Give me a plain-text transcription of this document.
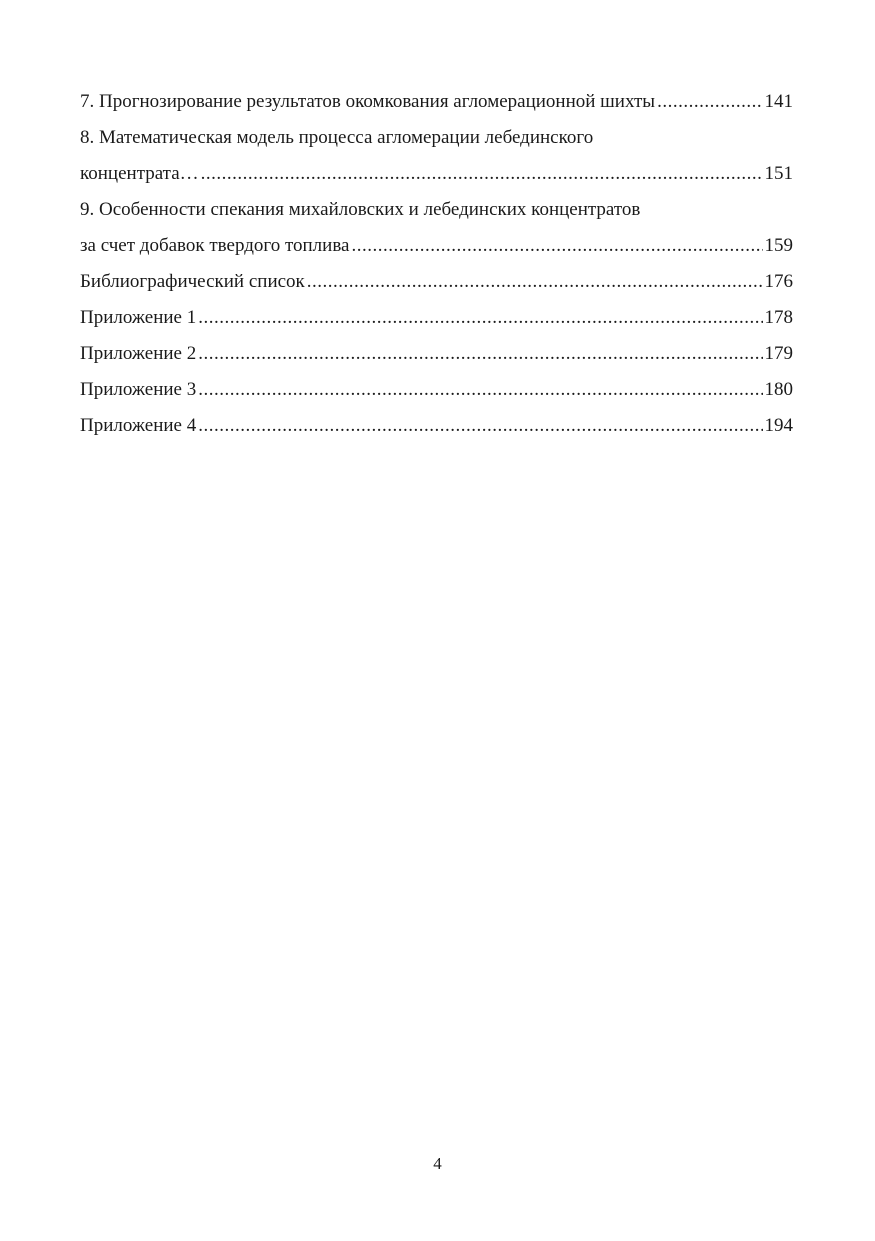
7. Прогнозирование результатов окомкования агломерационной шихты .....	141
8. Математическая модель процесса агломерации лебединского
концентрата… .....	151
9. Особенности спекания михайловских и лебединских концентратов
за счет добавок твердого топлива .....	159
Библиографический список .....	176
Приложение 1 .....	178
Приложение 2 .....	179
Приложение 3 .....	180
Приложение 4 .....	194
4
